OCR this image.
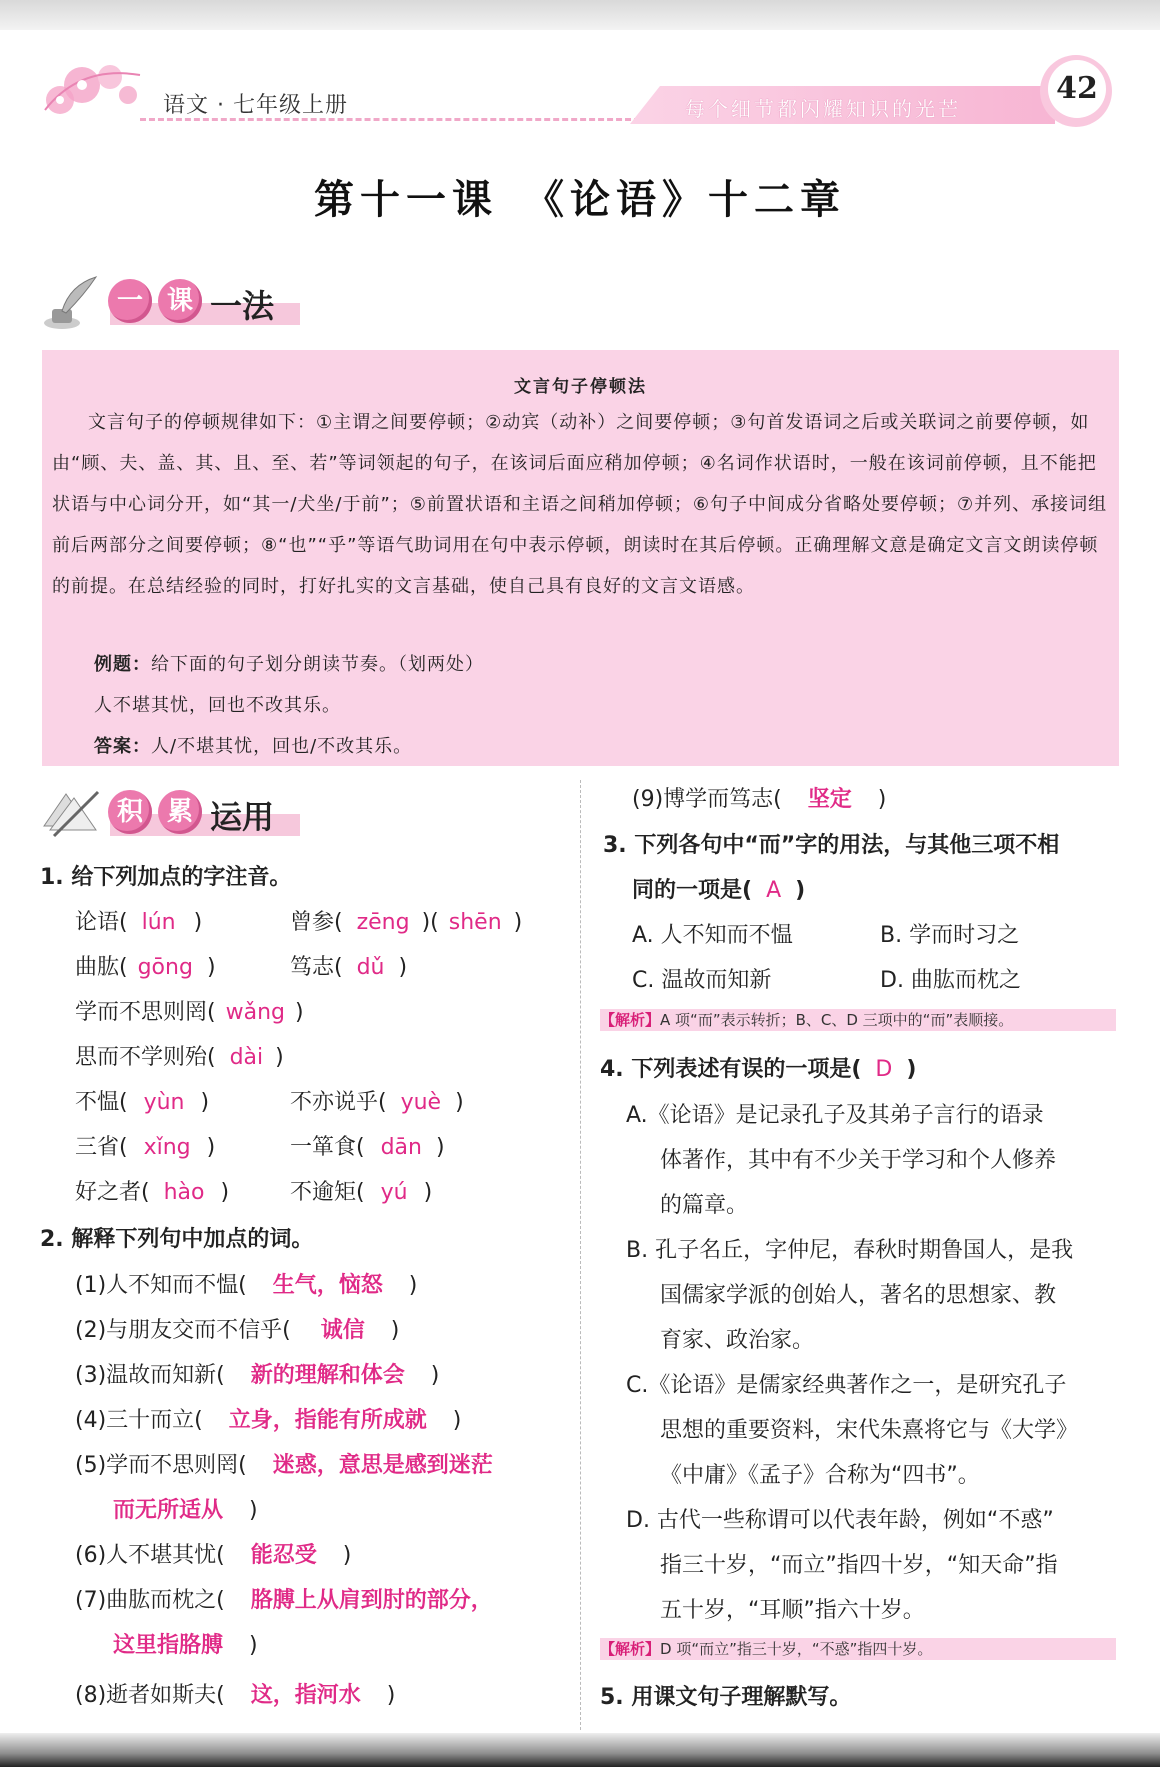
语文 · 七年级上册	每个细节都闪耀知识的光芒
42
第十一课　《论语》十二章
一 课 一法
文言句子停顿法
文言句子的停顿规律如下：①主谓之间要停顿；②动宾（动补）之间要停顿；③句首发语词之后或关联词之前要停顿，如由“顾、夫、盖、其、且、至、若”等词领起的句子，在该词后面应稍加停顿；④名词作状语时，一般在该词前停顿，且不能把状语与中心词分开，如“其一/犬坐/于前”；⑤前置状语和主语之间稍加停顿；⑥句子中间成分省略处要停顿；⑦并列、承接词组前后两部分之间要停顿；⑧“也”“乎”等语气助词用在句中表示停顿，朗读时在其后停顿。正确理解文意是确定文言文朗读停顿的前提。在总结经验的同时，打好扎实的文言基础，使自己具有良好的文言文语感。
例题：给下面的句子划分朗读节奏。（划两处）
人不堪其忧，回也不改其乐。
答案：人/不堪其忧，回也/不改其乐。
积 累 运用
1. 给下列加点的字注音。
论语( lún )	曾参( zēng )( shēn )
曲肱( gōng )	笃志( dǔ )
学而不思则罔( wǎng )
思而不学则殆( dài )
不愠( yùn )	不亦说乎( yuè )
三省( xǐng )	一箪食( dān )
好之者( hào )	不逾矩( yú )
2. 解释下列句中加点的词。
(1)人不知而不愠( 生气，恼怒 )
(2)与朋友交而不信乎( 诚信 )
(3)温故而知新( 新的理解和体会 )
(4)三十而立( 立身，指能有所成就 )
(5)学而不思则罔( 迷惑，意思是感到迷茫
而无所适从 )
(6)人不堪其忧( 能忍受 )
(7)曲肱而枕之( 胳膊上从肩到肘的部分，
这里指胳膊 )
(8)逝者如斯夫( 这，指河水 )
(9)博学而笃志( 坚定 )
3. 下列各句中“而”字的用法，与其他三项不相
同的一项是( A )
A. 人不知而不愠	B. 学而时习之
C. 温故而知新	D. 曲肱而枕之
【解析】A 项“而”表示转折；B、C、D 三项中的“而”表顺接。
4. 下列表述有误的一项是( D )
A.《论语》是记录孔子及其弟子言行的语录
体著作，其中有不少关于学习和个人修养
的篇章。
B. 孔子名丘，字仲尼，春秋时期鲁国人，是我
国儒家学派的创始人，著名的思想家、教
育家、政治家。
C.《论语》是儒家经典著作之一，是研究孔子
思想的重要资料，宋代朱熹将它与《大学》
《中庸》《孟子》合称为“四书”。
D. 古代一些称谓可以代表年龄，例如“不惑”
指三十岁，“而立”指四十岁，“知天命”指
五十岁，“耳顺”指六十岁。
【解析】D 项“而立”指三十岁，“不惑”指四十岁。
5. 用课文句子理解默写。
